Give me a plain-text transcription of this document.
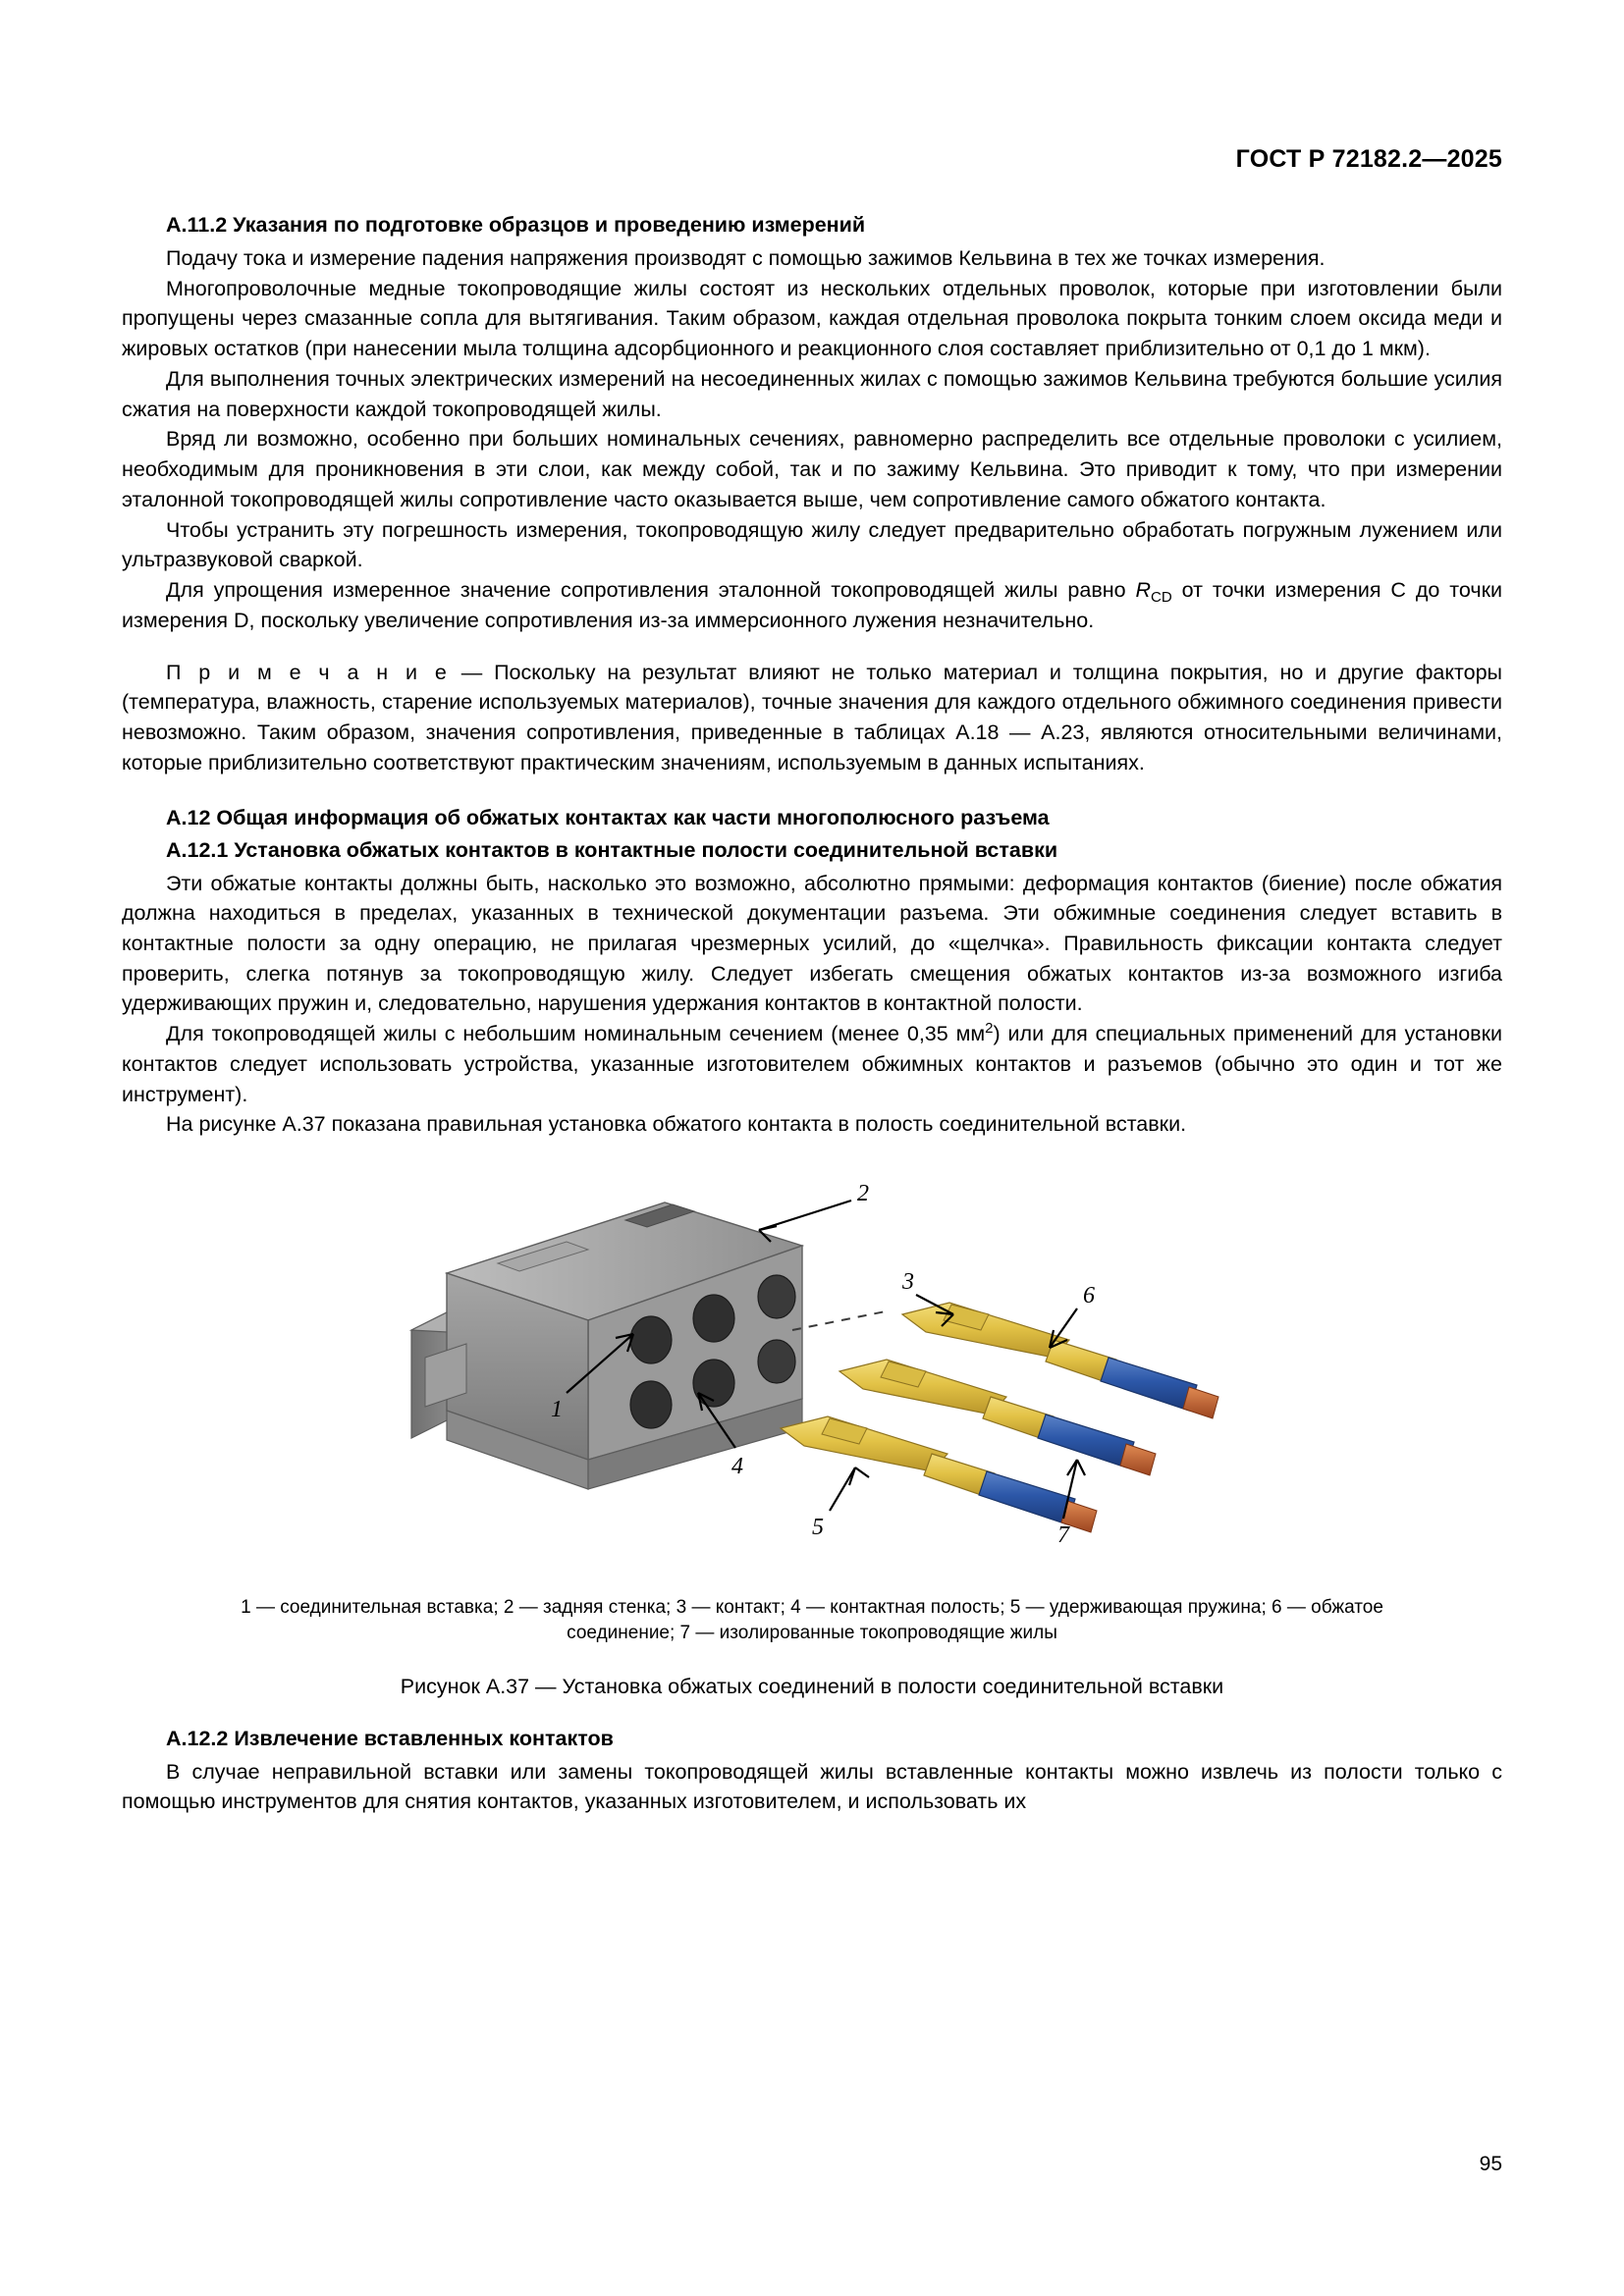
ГОСТ Р 72182.2—2025
А.11.2 Указания по подготовке образцов и проведению измерений

Подачу тока и измерение падения напряжения производят с помощью зажимов Кельвина в тех же точках измерения.

Многопроволочные медные токопроводящие жилы состоят из нескольких отдельных проволок, которые при изготовлении были пропущены через смазанные сопла для вытягивания. Таким образом, каждая отдельная проволока покрыта тонким слоем оксида меди и жировых остатков (при нанесении мыла толщина адсорбционного и реакционного слоя составляет приблизительно от 0,1 до 1 мкм).

Для выполнения точных электрических измерений на несоединенных жилах с помощью зажимов Кельвина требуются большие усилия сжатия на поверхности каждой токопроводящей жилы.

Вряд ли возможно, особенно при больших номинальных сечениях, равномерно распределить все отдельные проволоки с усилием, необходимым для проникновения в эти слои, как между собой, так и по зажиму Кельвина. Это приводит к тому, что при измерении эталонной токопроводящей жилы сопротивление часто оказывается выше, чем сопротивление самого обжатого контакта.

Чтобы устранить эту погрешность измерения, токопроводящую жилу следует предварительно обработать погружным лужением или ультразвуковой сваркой.

Для упрощения измеренное значение сопротивления эталонной токопроводящей жилы равно $R_{CD}$ от точки измерения С до точки измерения D, поскольку увеличение сопротивления из-за иммерсионного лужения незначительно.

П р и м е ч а н и е — Поскольку на результат влияют не только материал и толщина покрытия, но и другие факторы (температура, влажность, старение используемых материалов), точные значения для каждого отдельного обжимного соединения привести невозможно. Таким образом, значения сопротивления, приведенные в таблицах А.18 — А.23, являются относительными величинами, которые приблизительно соответствуют практическим значениям, используемым в данных испытаниях.

А.12 Общая информация об обжатых контактах как части многополюсного разъема
А.12.1 Установка обжатых контактов в контактные полости соединительной вставки

Эти обжатые контакты должны быть, насколько это возможно, абсолютно прямыми: деформация контактов (биение) после обжатия должна находиться в пределах, указанных в технической документации разъема. Эти обжимные соединения следует вставить в контактные полости за одну операцию, не прилагая чрезмерных усилий, до «щелчка». Правильность фиксации контакта следует проверить, слегка потянув за токопроводящую жилу. Следует избегать смещения обжатых контактов из-за возможного изгиба удерживающих пружин и, следовательно, нарушения удержания контактов в контактной полости.

Для токопроводящей жилы с небольшим номинальным сечением (менее 0,35 $мм^2$) или для специальных применений для установки контактов следует использовать устройства, указанные изготовителем обжимных контактов и разъемов (обычно это один и тот же инструмент).

На рисунке А.37 показана правильная установка обжатого контакта в полость соединительной вставки.

2
1
4
3
6
5	7
1 — соединительная вставка; 2 — задняя стенка; 3 — контакт; 4 — контактная полость; 5 — удерживающая пружина; 6 — обжатое
соединение; 7 — изолированные токопроводящие жилы
Рисунок А.37 — Установка обжатых соединений в полости соединительной вставки
А.12.2 Извлечение вставленных контактов

В случае неправильной вставки или замены токопроводящей жилы вставленные контакты можно извлечь из полости только с помощью инструментов для снятия контактов, указанных изготовителем, и использовать их

95
